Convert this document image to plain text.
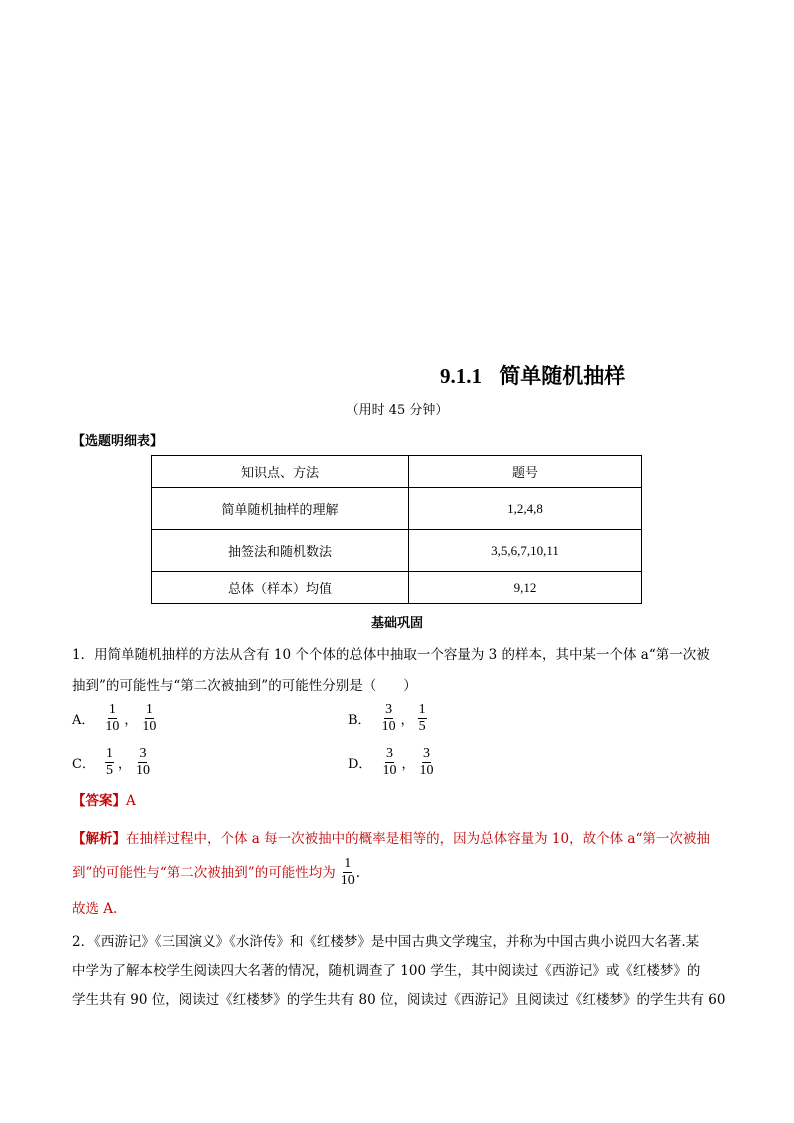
9.1.1 简单随机抽样
（用时 45 分钟）
【选题明细表】
知识点、方法	题号
简单随机抽样的理解	1,2,4,8
抽签法和随机数法	3,5,6,7,10,11
总体（样本）均值	9,12
基础巩固
1．用简单随机抽样的方法从含有 10 个个体的总体中抽取一个容量为 3 的样本，其中某一个体 a“第一次被
抽到”的可能性与“第二次被抽到”的可能性分别是（　　）
A． $\frac{1}{10}$ ， $\frac{1}{10}$	B． $\frac{3}{10}$ ， $\frac{1}{5}$
C． $\frac{1}{5}$ ， $\frac{3}{10}$	D． $\frac{3}{10}$ ， $\frac{3}{10}$
【答案】A
【解析】在抽样过程中，个体 a 每一次被抽中的概率是相等的，因为总体容量为 10，故个体 a“第一次被抽
到”的可能性与“第二次被抽到”的可能性均为 $\frac{1}{10}$ .
故选 A.
2．《西游记》《三国演义》《水浒传》和《红楼梦》是中国古典文学瑰宝，并称为中国古典小说四大名著.某
中学为了解本校学生阅读四大名著的情况，随机调查了 100 学生，其中阅读过《西游记》或《红楼梦》的
学生共有 90 位，阅读过《红楼梦》的学生共有 80 位，阅读过《西游记》且阅读过《红楼梦》的学生共有 60
